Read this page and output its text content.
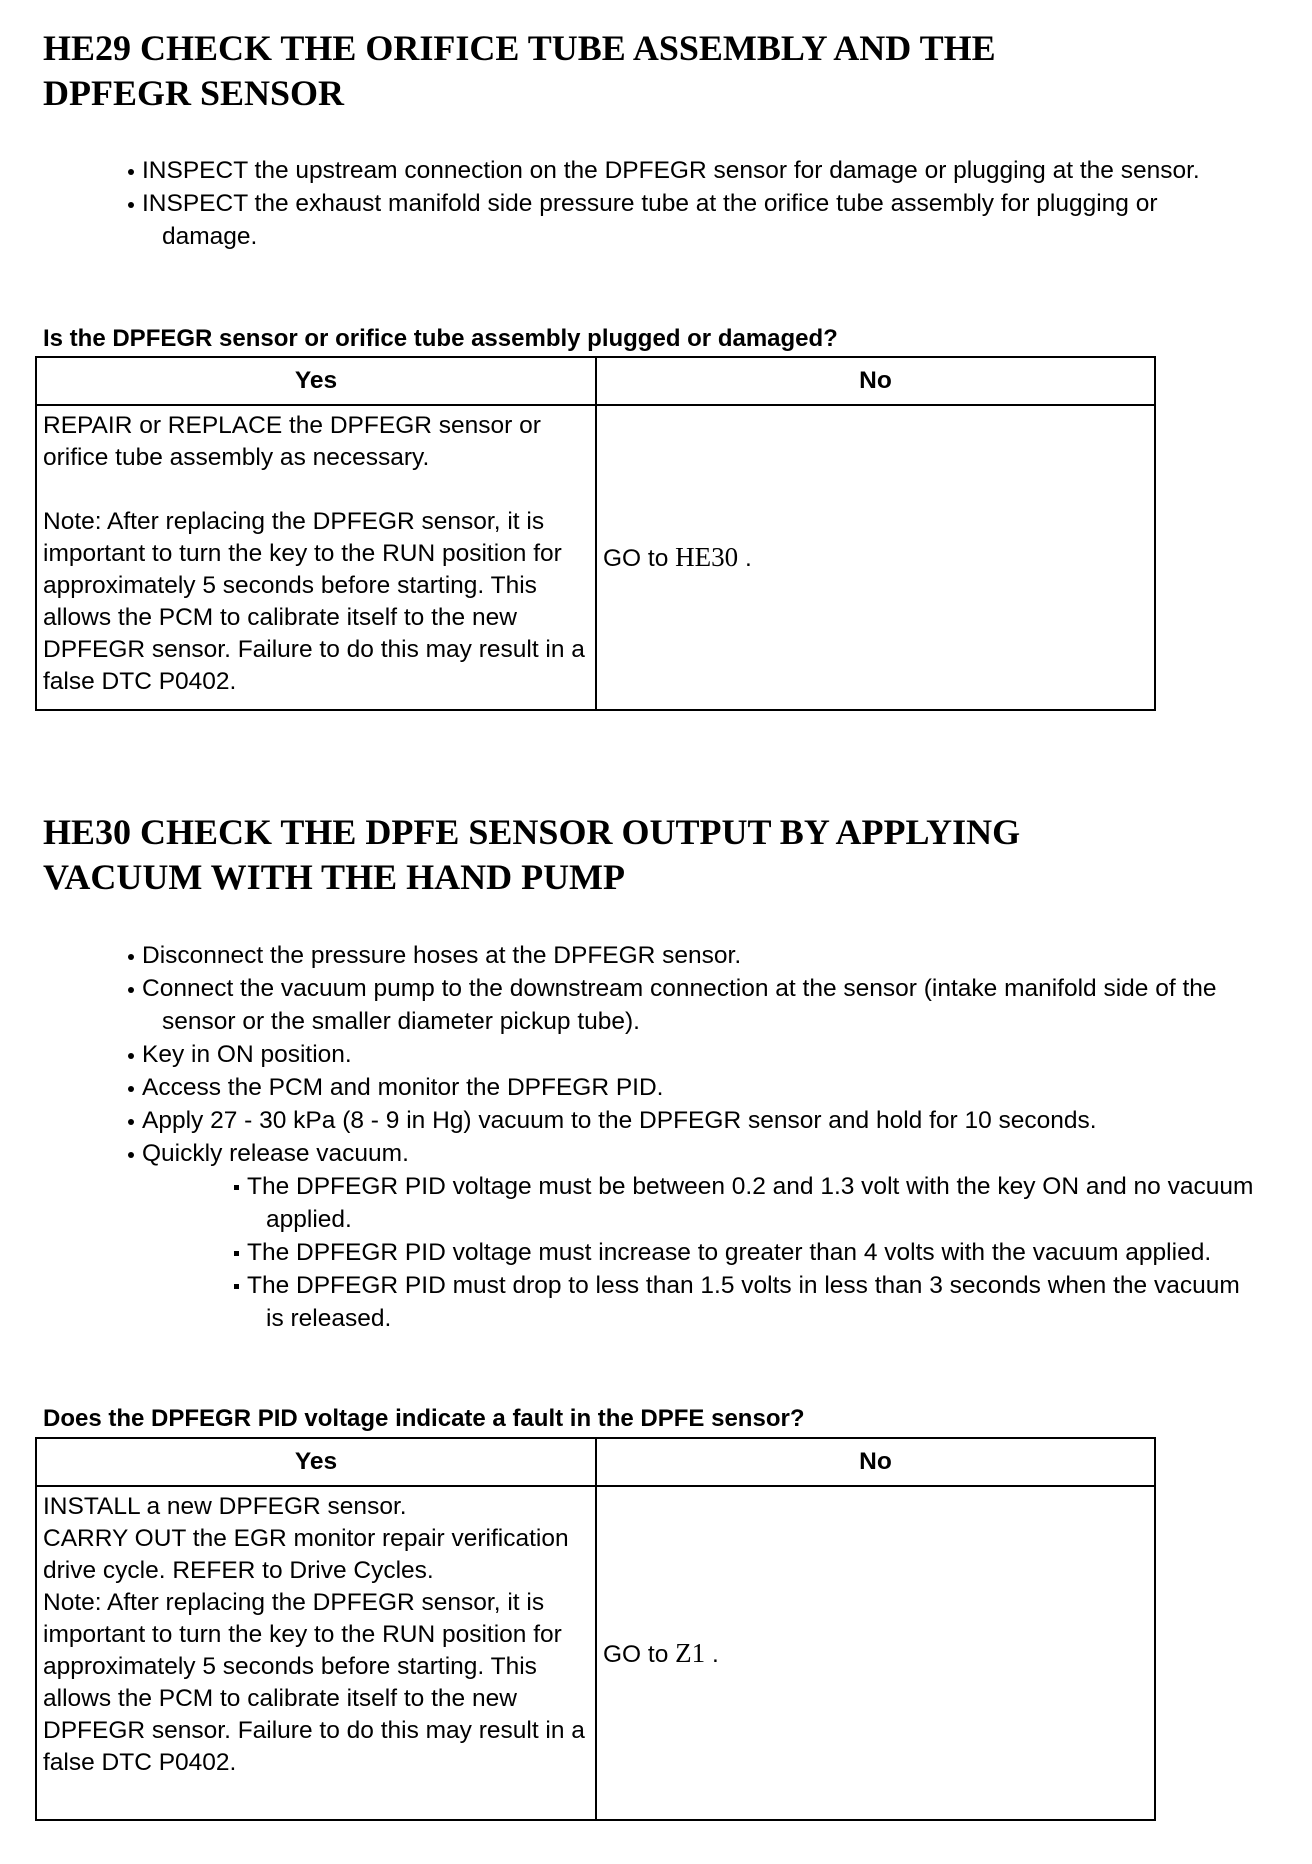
HE29 CHECK THE ORIFICE TUBE ASSEMBLY AND THE
DPFEGR SENSOR
INSPECT the upstream connection on the DPFEGR sensor for damage or plugging at the sensor.
INSPECT the exhaust manifold side pressure tube at the orifice tube assembly for plugging or damage.
Is the DPFEGR sensor or orifice tube assembly plugged or damaged?
Yes	No

REPAIR or REPLACE the DPFEGR sensor or orifice tube assembly as necessary.
Note: After replacing the DPFEGR sensor, it is important to turn the key to the RUN position for approximately 5 seconds before starting. This allows the PCM to calibrate itself to the new DPFEGR sensor. Failure to do this may result in a false DTC P0402.	GO to HE30 .
HE30 CHECK THE DPFE SENSOR OUTPUT BY APPLYING
VACUUM WITH THE HAND PUMP
Disconnect the pressure hoses at the DPFEGR sensor.
Connect the vacuum pump to the downstream connection at the sensor (intake manifold side of the sensor or the smaller diameter pickup tube).
Key in ON position.
Access the PCM and monitor the DPFEGR PID.
Apply 27 - 30 kPa (8 - 9 in Hg) vacuum to the DPFEGR sensor and hold for 10 seconds.
Quickly release vacuum.
The DPFEGR PID voltage must be between 0.2 and 1.3 volt with the key ON and no vacuum applied.
The DPFEGR PID voltage must increase to greater than 4 volts with the vacuum applied.
The DPFEGR PID must drop to less than 1.5 volts in less than 3 seconds when the vacuum is released.
Does the DPFEGR PID voltage indicate a fault in the DPFE sensor?
Yes	No

INSTALL a new DPFEGR sensor.
CARRY OUT the EGR monitor repair verification drive cycle. REFER to Drive Cycles.
Note: After replacing the DPFEGR sensor, it is important to turn the key to the RUN position for approximately 5 seconds before starting. This allows the PCM to calibrate itself to the new DPFEGR sensor. Failure to do this may result in a false DTC P0402.	GO to Z1 .
